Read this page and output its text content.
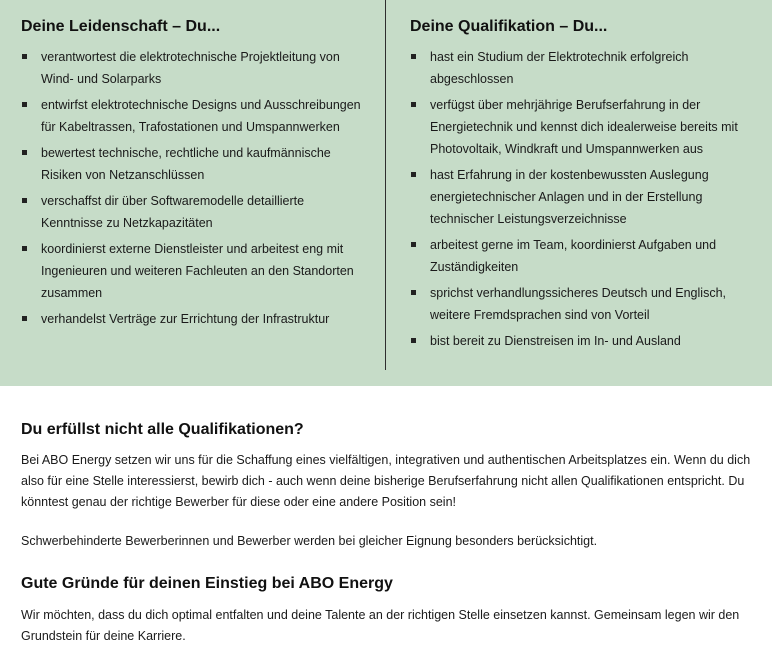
Deine Leidenschaft – Du...
verantwortest die elektrotechnische Projektleitung von Wind- und Solarparks
entwirfst elektrotechnische Designs und Ausschreibungen für Kabeltrassen, Trafostationen und Umspannwerken
bewertest technische, rechtliche und kaufmännische Risiken von Netzanschlüssen
verschaffst dir über Softwaremodelle detaillierte Kenntnisse zu Netzkapazitäten
koordinierst externe Dienstleister und arbeitest eng mit Ingenieuren und weiteren Fachleuten an den Standorten zusammen
verhandelst Verträge zur Errichtung der Infrastruktur
Deine Qualifikation – Du...
hast ein Studium der Elektrotechnik erfolgreich abgeschlossen
verfügst über mehrjährige Berufserfahrung in der Energietechnik und kennst dich idealerweise bereits mit Photovoltaik, Windkraft und Umspannwerken aus
hast Erfahrung in der kostenbewussten Auslegung energietechnischer Anlagen und in der Erstellung technischer Leistungsverzeichnisse
arbeitest gerne im Team, koordinierst Aufgaben und Zuständigkeiten
sprichst verhandlungssicheres Deutsch und Englisch, weitere Fremdsprachen sind von Vorteil
bist bereit zu Dienstreisen im In- und Ausland
Du erfüllst nicht alle Qualifikationen?

Bei ABO Energy setzen wir uns für die Schaffung eines vielfältigen, integrativen und authentischen Arbeitsplatzes ein. Wenn du dich also für eine Stelle interessierst, bewirb dich - auch wenn deine bisherige Berufserfahrung nicht allen Qualifikationen entspricht. Du könntest genau der richtige Bewerber für diese oder eine andere Position sein!

Schwerbehinderte Bewerberinnen und Bewerber werden bei gleicher Eignung besonders berücksichtigt.

Gute Gründe für deinen Einstieg bei ABO Energy

Wir möchten, dass du dich optimal entfalten und deine Talente an der richtigen Stelle einsetzen kannst. Gemeinsam legen wir den Grundstein für deine Karriere.
